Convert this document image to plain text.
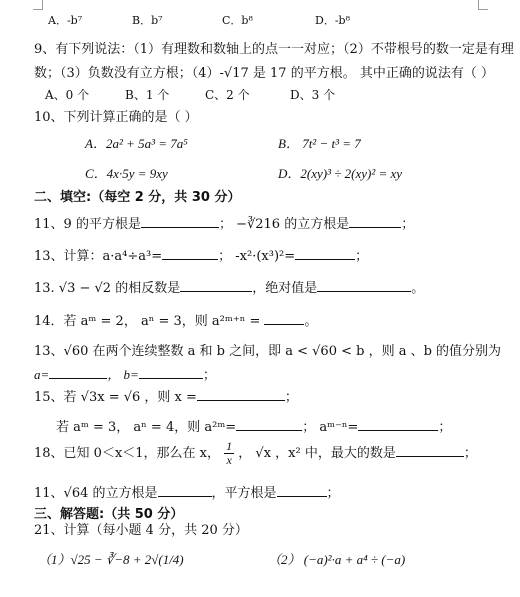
A．-b⁷	B．b⁷	C．b⁸	D．-b⁸
9、有下列说法：（1）有理数和数轴上的点一一对应；（2）不带根号的数一定是有理
数；（3）负数没有立方根；（4）-√17 是 17 的平方根。 其中正确的说法有（ ）
A、0 个	B、1 个	C、2 个	D、3 个
10、下列计算正确的是（ ）
A．2a² + 5a³ = 7a⁵	B． 7t² − t³ = 7
C．4x·5y = 9xy	D．2(xy)³ ÷ 2(xy)² = xy
二、填空:（每空 2 分，共 30 分）
11、9 的平方根是	； −∛216 的立方根是	；
13、计算：a·a⁴÷a³=	； -x²·(x³)²=	；
13. √3 − √2 的相反数是	，绝对值是	。
14．若 aᵐ = 2， aⁿ = 3，则 a²ᵐ⁺ⁿ =	。
13、√60 在两个连续整数 a 和 b 之间，即 a < √60 < b ，则 a 、b 的值分别为
a=	， b=	；
15、若 √3x = √6 ，则 x =	；
若 aᵐ = 3， aⁿ = 4，则 a²ᵐ=	； aᵐ⁻ⁿ=	；
18、已知 0＜x＜1，那么在 x， $\frac{1}{x}$ ， √x ，x² 中，最大的数是	；
11、√64 的立方根是	，平方根是	；
三、解答题:（共 50 分）
21、计算（每小题 4 分，共 20 分）
（1）√25 − ∛−8 + 2√(1/4)	（2） (−a)²·a + a⁴ ÷ (−a)
